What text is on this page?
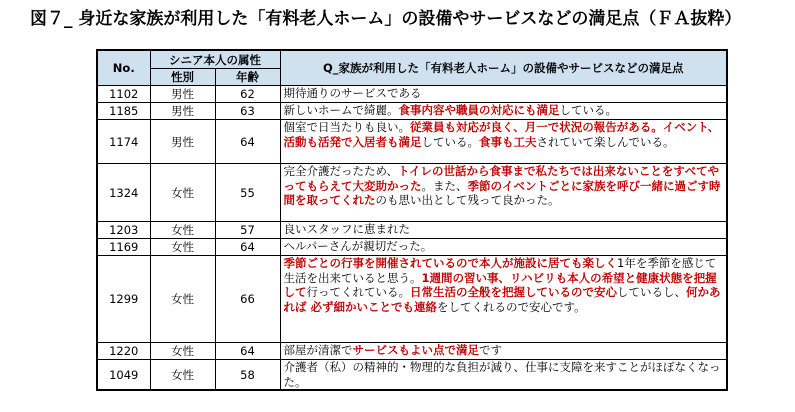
図７_ 身近な家族が利用した「有料老人ホーム」の設備やサービスなどの満足点（ＦＡ抜粋）
No.	シニア本人の属性		Q_家族が利用した「有料老人ホーム」の設備やサービスなどの満足点
	性別	年齢	
1102	男性	62	期待通りのサービスである
1185	男性	63	新しいホームで綺麗。食事内容や職員の対応にも満足している。
1174	男性	64	個室で日当たりも良い。従業員も対応が良く、月一で状況の報告がある。イベント、活動も活発で入居者も満足している。食事も工夫されていて楽しんでいる。
1324	女性	55	完全介護だったため、トイレの世話から食事まで私たちでは出来ないことをすべてやってもらえて大変助かった。また、季節のイベントごとに家族を呼び一緒に過ごす時間を取ってくれたのも思い出として残って良かった。
1203	女性	57	良いスタッフに恵まれた
1169	女性	64	ヘルパーさんが親切だった。
1299	女性	66	季節ごとの行事を開催されているので本人が施設に居ても楽しく1年を季節を感じて生活を出来ていると思う。1週間の習い事、リハビリも本人の希望と健康状態を把握して行ってくれている。日常生活の全般を把握しているので安心しているし、何かあれば 必ず細かいことでも連絡をしてくれるので安心です。
1220	女性	64	部屋が清潔でサービスもよい点で満足です
1049	女性	58	介護者（私）の精神的・物理的な負担が減り、仕事に支障を来すことがほぼなくなった。
